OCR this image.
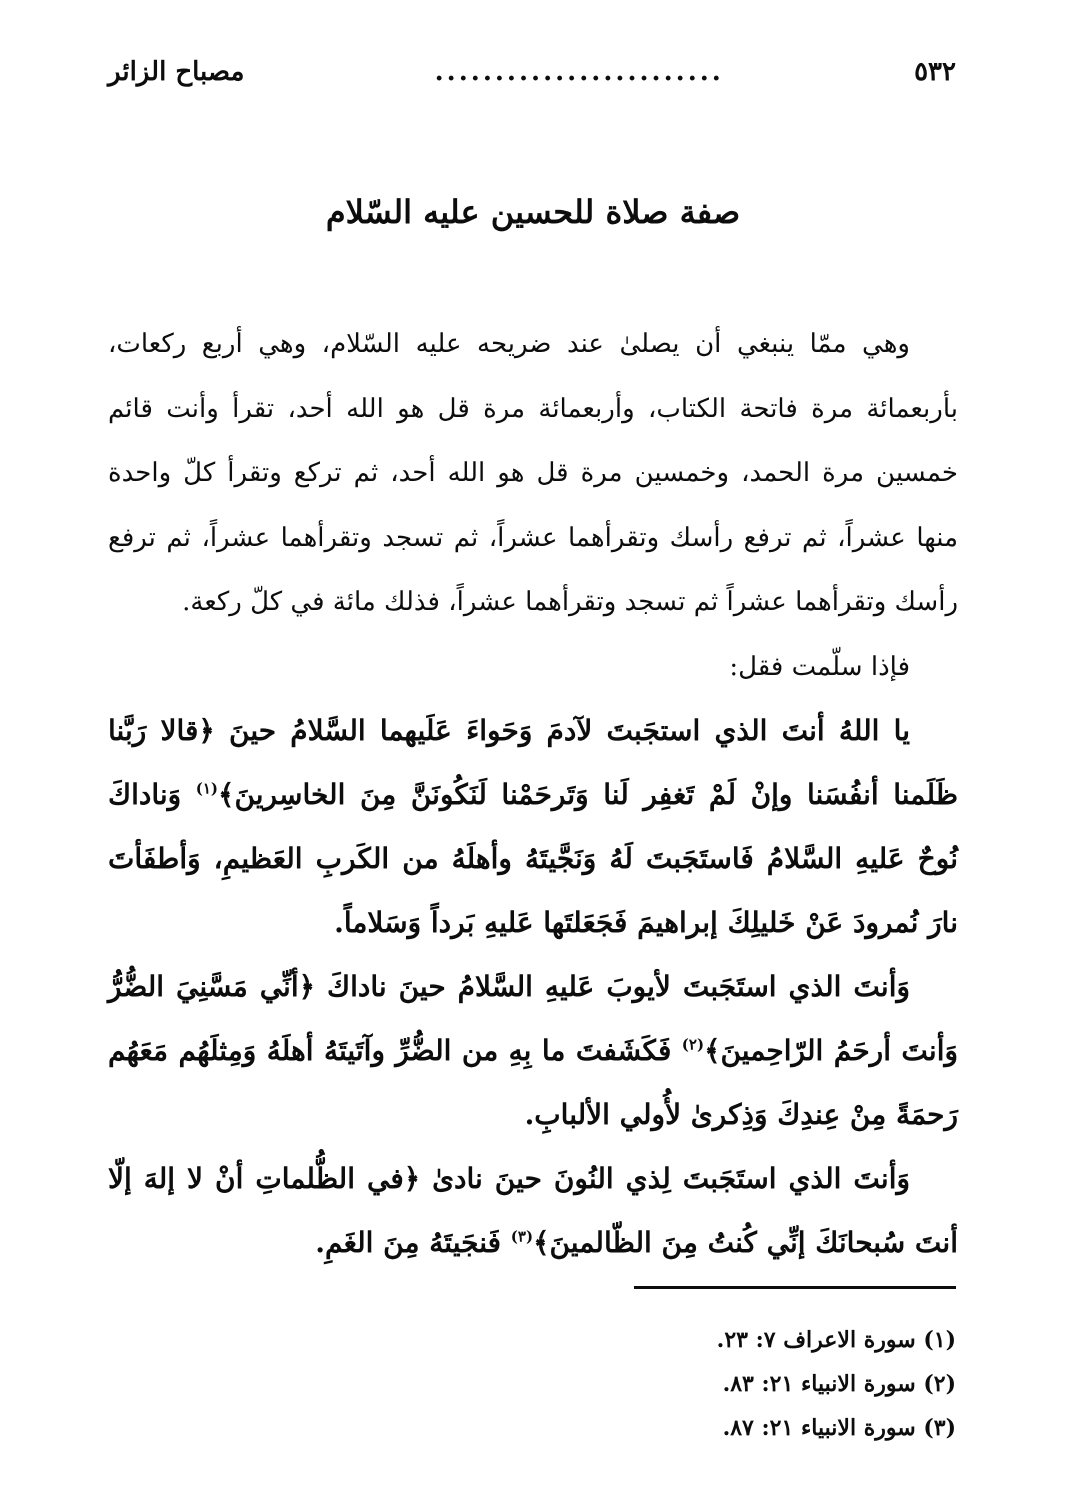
٥٣٢
........................
مصباح الزائر
صفة صلاة للحسين عليه السّلام

وهي ممّا ينبغي أن يصلىٰ عند ضريحه عليه السّلام، وهي أربع ركعات، بأربعمائة مرة فاتحة الكتاب، وأربعمائة مرة قل هو الله أحد، تقرأ وأنت قائم خمسين مرة الحمد، وخمسين مرة قل هو الله أحد، ثم تركع وتقرأ كلّ واحدة منها عشراً، ثم ترفع رأسك وتقرأهما عشراً، ثم تسجد وتقرأهما عشراً، ثم ترفع رأسك وتقرأهما عشراً ثم تسجد وتقرأهما عشراً، فذلك مائة في كلّ ركعة.

فإذا سلّمت فقل:

يا اللهُ أنتَ الذي استجَبتَ لآدمَ وَحَواءَ عَلَيهما السَّلامُ حينَ ﴿قالا رَبَّنا ظَلَمنا أنفُسَنا وإنْ لَمْ تَغفِر لَنا وَتَرحَمْنا لَنَكُونَنَّ مِنَ الخاسِرينَ﴾$^{(١)}$ وَناداكَ نُوحٌ عَليهِ السَّلامُ فَاستَجَبتَ لَهُ وَنَجَّيتَهُ وأهلَهُ من الكَربِ العَظيمِ، وَأطفَأتَ نارَ نُمرودَ عَنْ خَليلِكَ إبراهيمَ فَجَعَلتَها عَليهِ بَرداً وَسَلاماً.

وَأنتَ الذي استَجَبتَ لأيوبَ عَليهِ السَّلامُ حينَ ناداكَ ﴿أنِّي مَسَّنِيَ الضُّرُّ وَأنتَ أرحَمُ الرّاحِمينَ﴾$^{(٢)}$ فَكَشَفتَ ما بِهِ من الضُّرِّ وآتَيتَهُ أهلَهُ وَمِثلَهُم مَعَهُم رَحمَةً مِنْ عِندِكَ وَذِكرىٰ لأُولي الألبابِ.

وَأنتَ الذي استَجَبتَ لِذي النُونَ حينَ نادىٰ ﴿في الظُّلماتِ أنْ لا إلهَ إلّا أنتَ سُبحانَكَ إنِّي كُنتُ مِنَ الظّالمينَ﴾$^{(٣)}$ فَنجَيتَهُ مِنَ الغَمِ.

(١) سورة الاعراف ٧: ٢٣.

(٢) سورة الانبياء ٢١: ٨٣.

(٣) سورة الانبياء ٢١: ٨٧.
